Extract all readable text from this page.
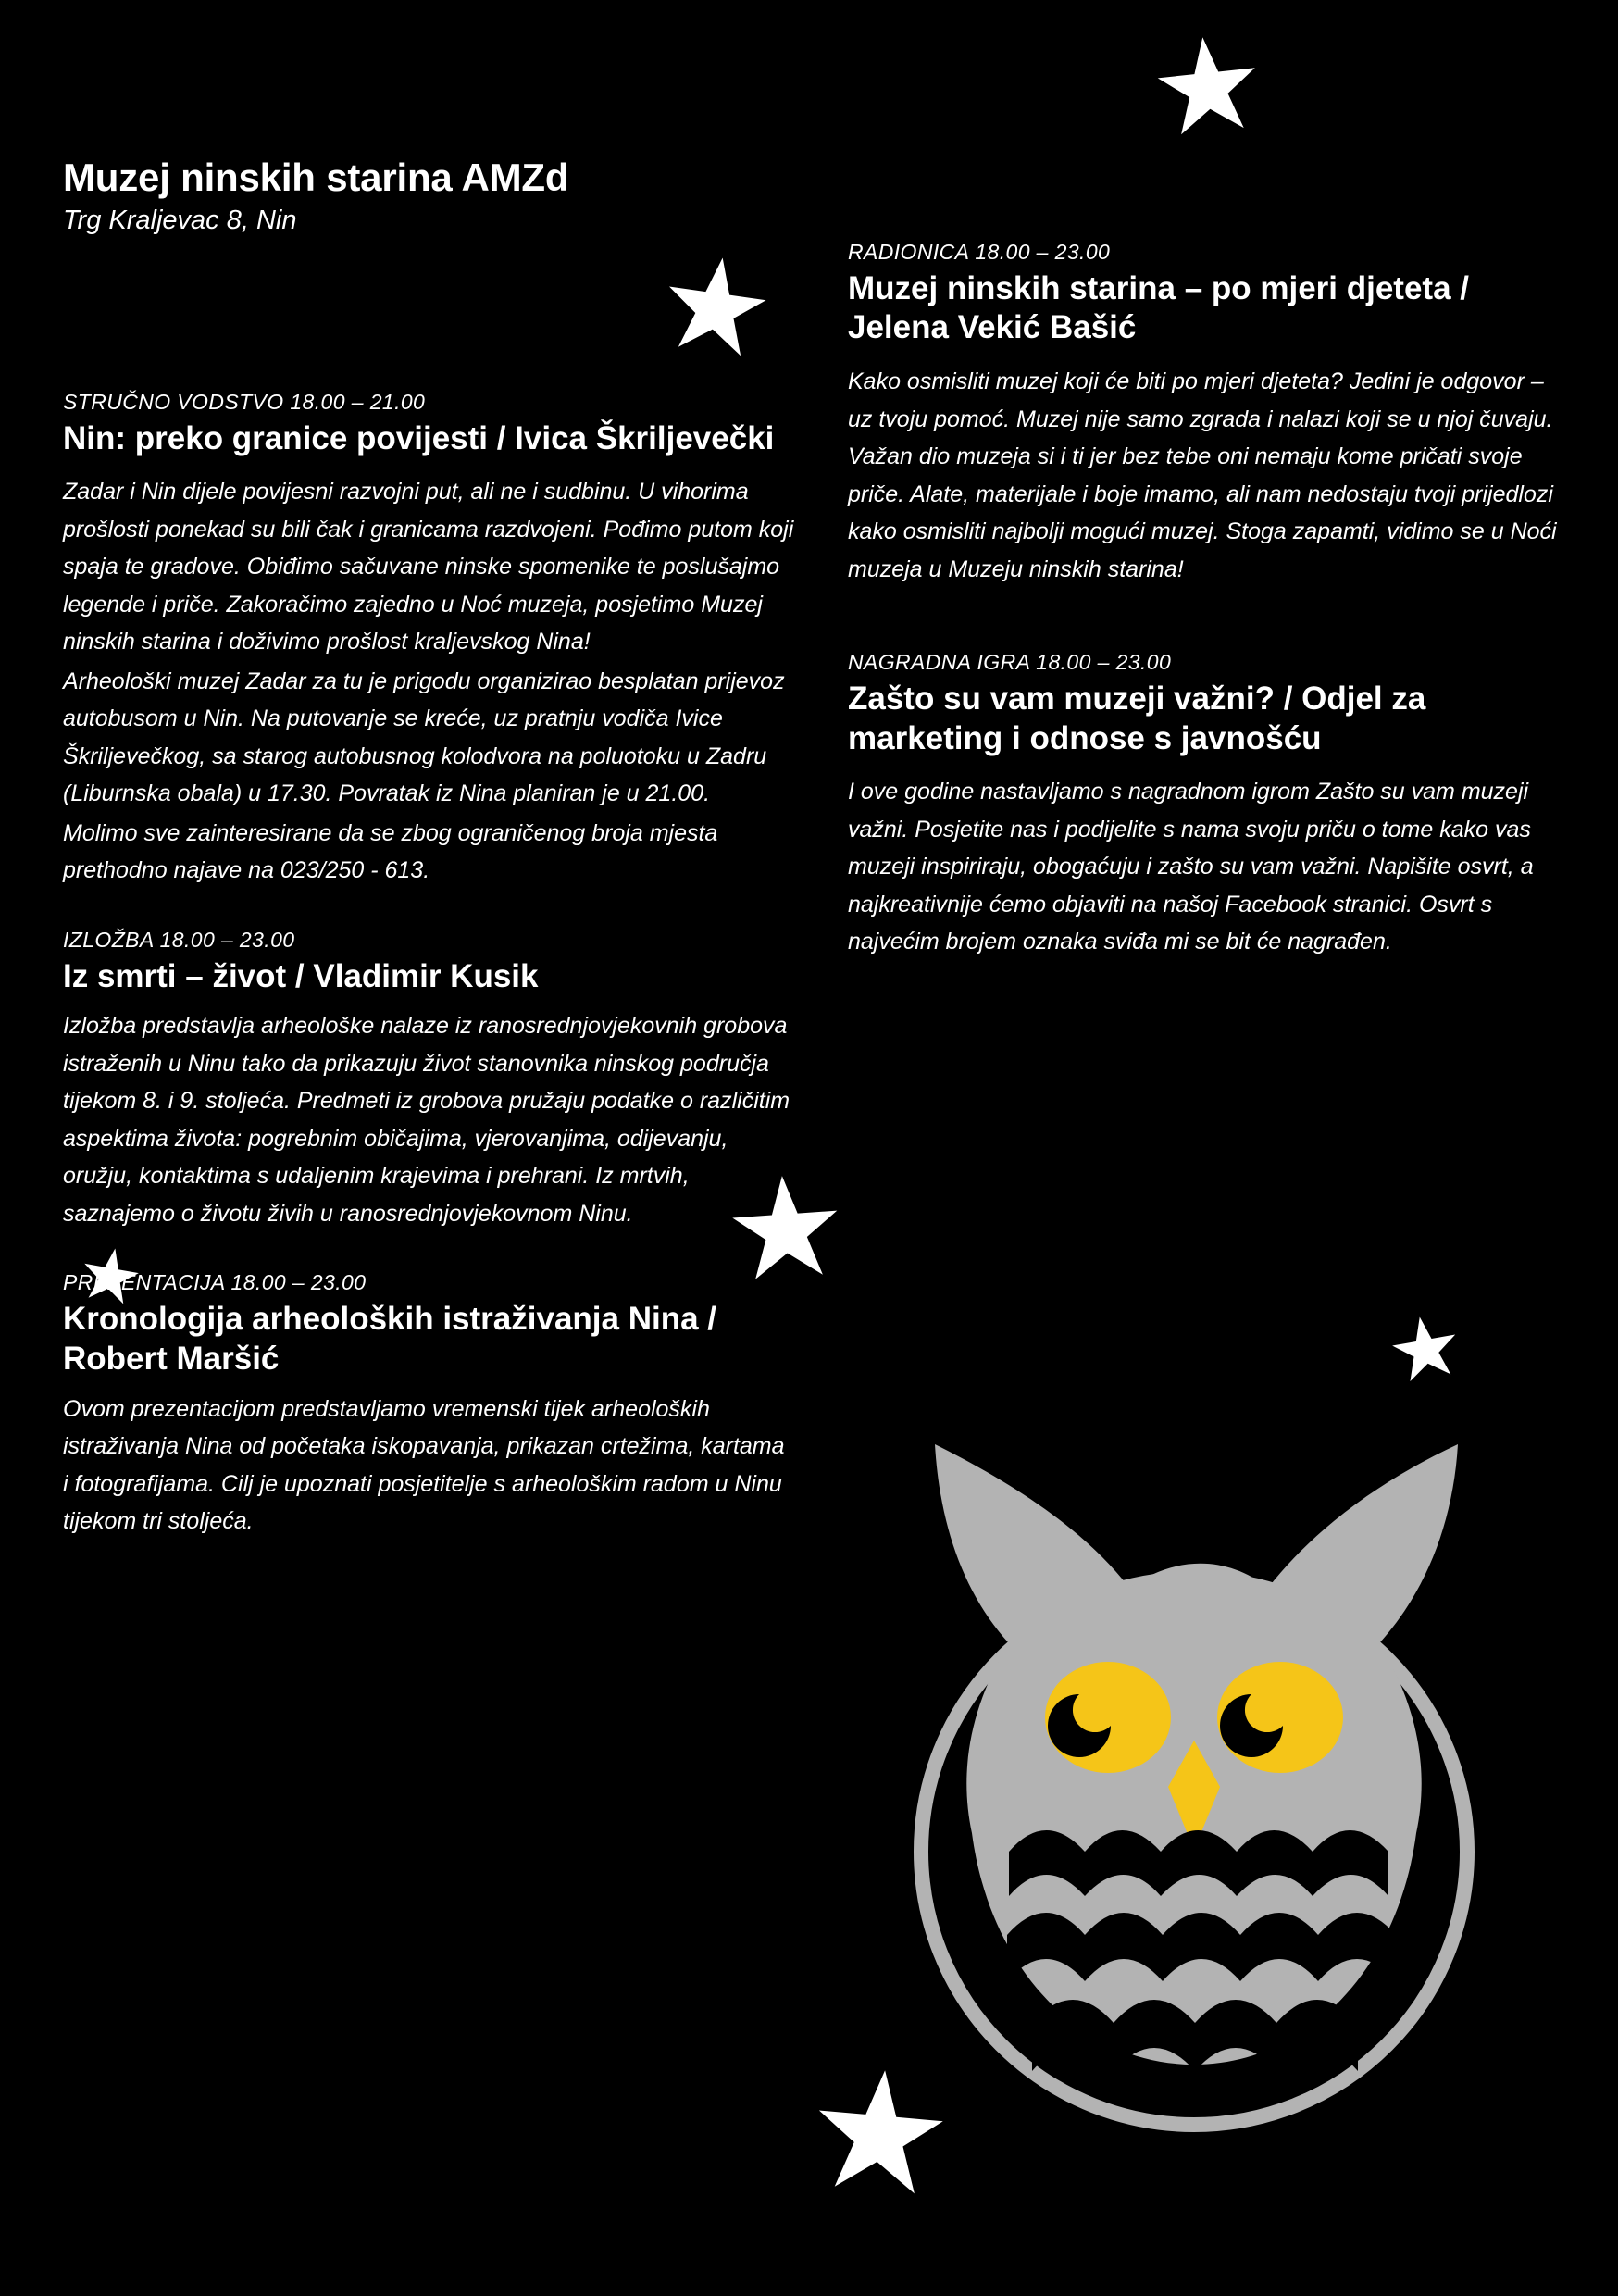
Muzej ninskih starina AMZd
Trg Kraljevac 8, Nin
STRUČNO VODSTVO 18.00 – 21.00
Nin: preko granice povijesti / Ivica Škriljevečki

Zadar i Nin dijele povijesni razvojni put, ali ne i sudbinu. U vihorima prošlosti ponekad su bili čak i granicama razdvojeni. Pođimo putom koji spaja te gradove. Obiđimo sačuvane ninske spomenike te poslušajmo legende i priče. Zakoračimo zajedno u Noć muzeja, posjetimo Muzej ninskih starina i doživimo prošlost kraljevskog Nina!

Arheološki muzej Zadar za tu je prigodu organizirao besplatan prijevoz autobusom u Nin. Na putovanje se kreće, uz pratnju vodiča Ivice Škriljevečkog, sa starog autobusnog kolodvora na poluotoku u Zadru (Liburnska obala) u 17.30. Povratak iz Nina planiran je u 21.00.

Molimo sve zainteresirane da se zbog ograničenog broja mjesta prethodno najave na 023/250 - 613.

IZLOŽBA 18.00 – 23.00
Iz smrti – život / Vladimir Kusik

Izložba predstavlja arheološke nalaze iz ranosrednjovjekovnih grobova istraženih u Ninu tako da prikazuju život stanovnika ninskog područja tijekom 8. i 9. stoljeća. Predmeti iz grobova pružaju podatke o različitim aspektima života: pogrebnim običajima, vjerovanjima, odijevanju, oružju, kontaktima s udaljenim krajevima i prehrani. Iz mrtvih, saznajemo o životu živih u ranosrednjovjekovnom Ninu.

PREZENTACIJA 18.00 – 23.00
Kronologija arheoloških istraživanja Nina / Robert Maršić

Ovom prezentacijom predstavljamo vremenski tijek arheoloških istraživanja Nina od početaka iskopavanja, prikazan crtežima, kartama i fotografijama. Cilj je upoznati posjetitelje s arheološkim radom u Ninu tijekom tri stoljeća.

RADIONICA 18.00 – 23.00
Muzej ninskih starina – po mjeri djeteta / Jelena Vekić Bašić

Kako osmisliti muzej koji će biti po mjeri djeteta? Jedini je odgovor – uz tvoju pomoć. Muzej nije samo zgrada i nalazi koji se u njoj čuvaju. Važan dio muzeja si i ti jer bez tebe oni nemaju kome pričati svoje priče. Alate, materijale i boje imamo, ali nam nedostaju tvoji prijedlozi kako osmisliti najbolji mogući muzej. Stoga zapamti, vidimo se u Noći muzeja u Muzeju ninskih starina!

NAGRADNA IGRA 18.00 – 23.00
Zašto su vam muzeji važni? / Odjel za marketing i odnose s javnošću

I ove godine nastavljamo s nagradnom igrom Zašto su vam muzeji važni. Posjetite nas i podijelite s nama svoju priču o tome kako vas muzeji inspiriraju, obogaćuju i zašto su vam važni. Napišite osvrt, a najkreativnije ćemo objaviti na našoj Facebook stranici. Osvrt s najvećim brojem oznaka sviđa mi se bit će nagrađen.
